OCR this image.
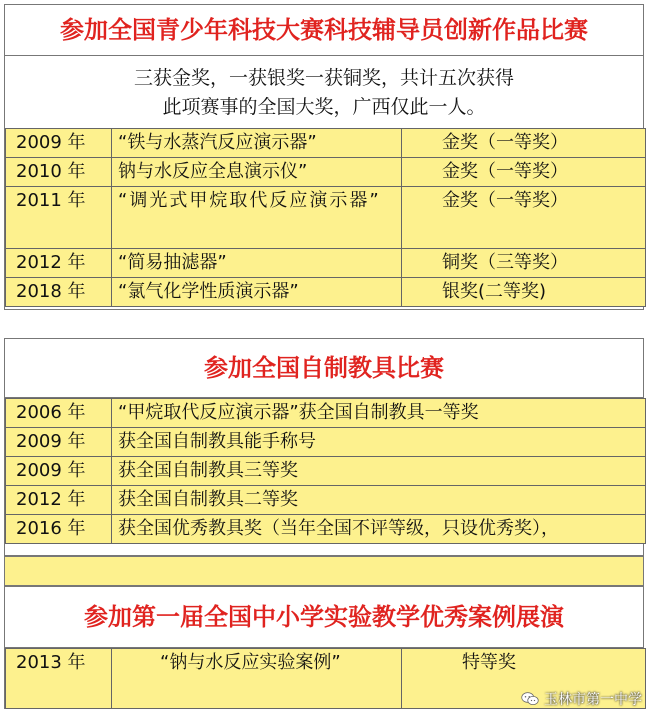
参加全国青少年科技大赛科技辅导员创新作品比赛
三获金奖，一获银奖一获铜奖，共计五次获得
此项赛事的全国大奖，广西仅此一人。
2009 年	“铁与水蒸汽反应演示器”	金奖（一等奖）
2010 年	钠与水反应全息演示仪”	金奖（一等奖）
2011 年	“调光式甲烷取代反应演示器”	金奖（一等奖）
2012 年	“简易抽滤器”	铜奖（三等奖）
2018 年	“氯气化学性质演示器”	银奖(二等奖)
参加全国自制教具比赛
2006 年	“甲烷取代反应演示器”获全国自制教具一等奖
2009 年	获全国自制教具能手称号
2009 年	获全国自制教具三等奖
2012 年	获全国自制教具二等奖
2016 年	获全国优秀教具奖（当年全国不评等级，只设优秀奖），
参加第一届全国中小学实验教学优秀案例展演
2013 年	“钠与水反应实验案例”	特等奖
玉林市第一中学
